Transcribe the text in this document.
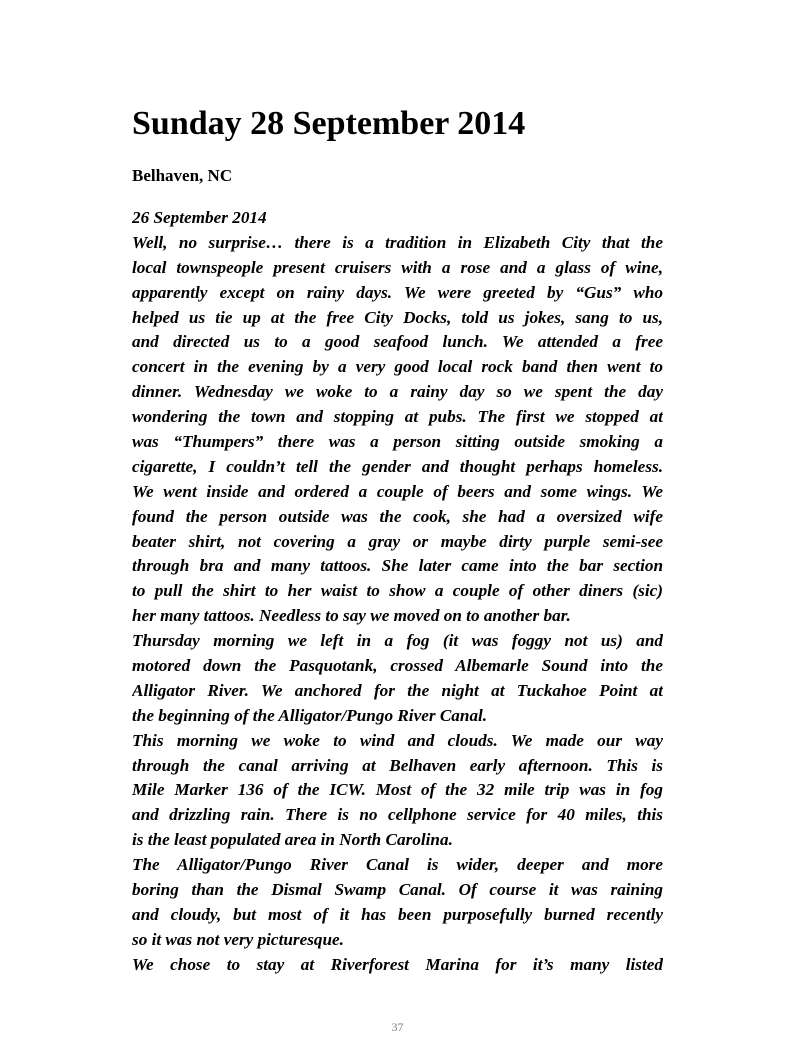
Sunday 28 September 2014
Belhaven, NC
26 September 2014
Well, no surprise… there is a tradition in Elizabeth City that the
local townspeople present cruisers with a rose and a glass of wine,
apparently except on rainy days. We were greeted by “Gus” who
helped us tie up at the free City Docks, told us jokes, sang to us,
and directed us to a good seafood lunch. We attended a free
concert in the evening by a very good local rock band then went to
dinner. Wednesday we woke to a rainy day so we spent the day
wondering the town and stopping at pubs. The first we stopped at
was “Thumpers” there was a person sitting outside smoking a
cigarette, I couldn’t tell the gender and thought perhaps homeless.
We went inside and ordered a couple of beers and some wings. We
found the person outside was the cook, she had a oversized wife
beater shirt, not covering a gray or maybe dirty purple semi-see
through bra and many tattoos. She later came into the bar section
to pull the shirt to her waist to show a couple of other diners (sic)
her many tattoos. Needless to say we moved on to another bar.
Thursday morning we left in a fog (it was foggy not us) and
motored down the Pasquotank, crossed Albemarle Sound into the
Alligator River. We anchored for the night at Tuckahoe Point at
the beginning of the Alligator/Pungo River Canal.
This morning we woke to wind and clouds. We made our way
through the canal arriving at Belhaven early afternoon. This is
Mile Marker 136 of the ICW. Most of the 32 mile trip was in fog
and drizzling rain. There is no cellphone service for 40 miles, this
is the least populated area in North Carolina.
The Alligator/Pungo River Canal is wider, deeper and more
boring than the Dismal Swamp Canal. Of course it was raining
and cloudy, but most of it has been purposefully burned recently
so it was not very picturesque.
We chose to stay at Riverforest Marina for it’s many listed
37
